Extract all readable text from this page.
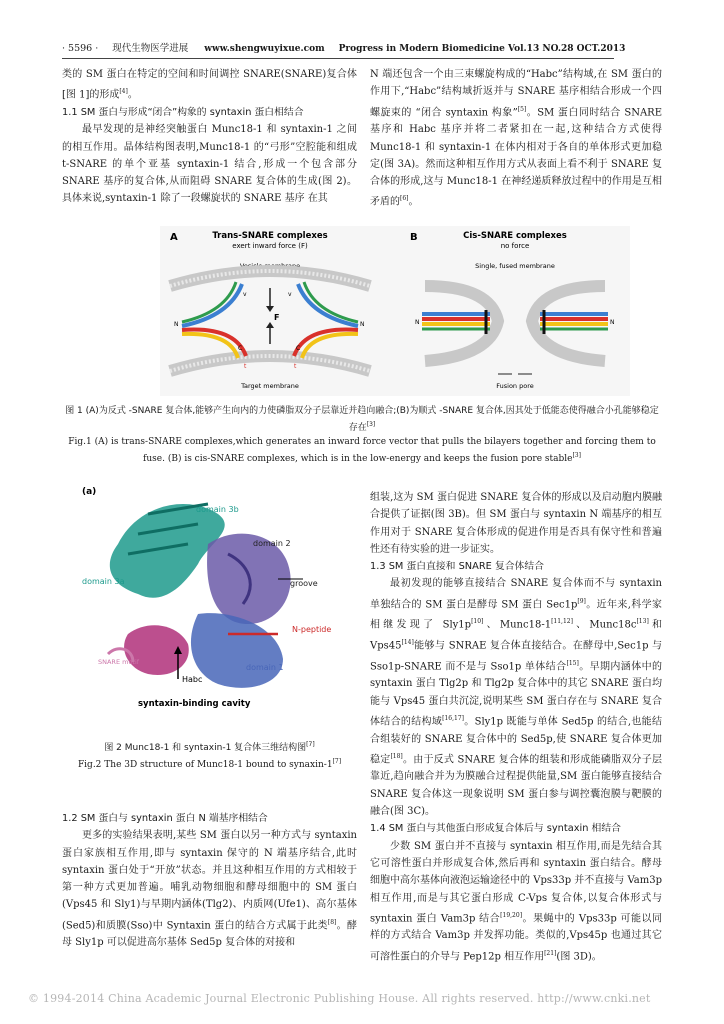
· 5596 · 现代生物医学进展 www.shengwuyixue.com Progress in Modern Biomedicine Vol.13 NO.28 OCT.2013

类的 SM 蛋白在特定的空间和时间调控 SNARE(SNARE)复合体[图 1]的形成[4]。

1.1 SM 蛋白与形成“闭合”构象的 syntaxin 蛋白相结合

最早发现的是神经突触蛋白 Munc18-1 和 syntaxin-1 之间的相互作用。晶体结构图表明,Munc18-1 的“弓形”空腔能和组成 t-SNARE 的单个亚基 syntaxin-1 结合,形成一个包含部分 SNARE 基序的复合体,从而阻碍 SNARE 复合体的生成(图 2)。具体来说,syntaxin-1 除了一段螺旋状的 SNARE 基序 在其

N 端还包含一个由三束螺旋构成的“Habc”结构域,在 SM 蛋白的作用下,“Habc”结构域折返并与 SNARE 基序相结合形成一个四螺旋束的 “闭合 syntaxin 构象”[5]。SM 蛋白同时结合 SNARE 基序和 Habc 基序并将二者紧扣在一起,这种结合方式使得 Munc18-1 和 syntaxin-1 在体内相对于各自的单体形式更加稳定(图 3A)。然而这种相互作用方式从表面上看不利于 SNARE 复合体的形成,这与 Munc18-1 在神经递质释放过程中的作用是互相矛盾的[6]。

A	Trans-SNARE complexes
exert inward force (F)
Vesicle membrane
Target membrane
N	N
v	v
C	C
F
t	t
B	Cis-SNARE complexes
no force
Single, fused membrane
N	N
Fusion pore
图 1 (A)为反式 -SNARE 复合体,能够产生向内的力使磷脂双分子层靠近并趋向融合;(B)为顺式 -SNARE 复合体,因其处于低能态使得融合小孔能够稳定存在[3]
Fig.1 (A) is trans-SNARE complexes,which generates an inward force vector that pulls the bilayers together and forcing them to fuse. (B) is cis-SNARE complexes, which is in the low-energy and keeps the fusion pore stable[3]
(a)
domain 3b
domain 2
groove
domain 3a
N-peptide
domain 1
SNARE motif
Habc
syntaxin-binding cavity
图 2 Munc18-1 和 syntaxin-1 复合体三维结构图[7]
Fig.2 The 3D structure of Munc18-1 bound to synaxin-1[7]

1.2 SM 蛋白与 syntaxin 蛋白 N 端基序相结合

更多的实验结果表明,某些 SM 蛋白以另一种方式与 syntaxin 蛋白家族相互作用,即与 syntaxin 保守的 N 端基序结合,此时 syntaxin 蛋白处于“开放”状态。并且这种相互作用的方式相较于第一种方式更加普遍。哺乳动物细胞和酵母细胞中的 SM 蛋白(Vps45 和 Sly1)与早期内涵体(Tlg2)、内质网(Ufe1)、高尔基体(Sed5)和质膜(Sso)中 Syntaxin 蛋白的结合方式属于此类[8]。酵母 Sly1p 可以促进高尔基体 Sed5p 复合体的对接和

组装,这为 SM 蛋白促进 SNARE 复合体的形成以及启动胞内膜融合提供了证据(图 3B)。但 SM 蛋白与 syntaxin N 端基序的相互作用对于 SNARE 复合体形成的促进作用是否具有保守性和普遍性还有待实验的进一步证实。

1.3 SM 蛋白直接和 SNARE 复合体结合

最初发现的能够直接结合 SNARE 复合体而不与 syntaxin 单独结合的 SM 蛋白是酵母 SM 蛋白 Sec1p[9]。近年来,科学家相继发现了 Sly1p[10]、Munc18-1[11,12]、Munc18c[13]和 Vps45[14]能够与 SNRAE 复合体直接结合。在酵母中,Sec1p 与 Sso1p-SNARE 而不是与 Sso1p 单体结合[15]。早期内涵体中的 syntaxin 蛋白 Tlg2p 和 Tlg2p 复合体中的其它 SNARE 蛋白均能与 Vps45 蛋白共沉淀,说明某些 SM 蛋白存在与 SNARE 复合体结合的结构域[16,17]。Sly1p 既能与单体 Sed5p 的结合,也能结合组装好的 SNARE 复合体中的 Sed5p,使 SNARE 复合体更加稳定[18]。由于反式 SNARE 复合体的组装和形成能磷脂双分子层靠近,趋向融合并为为膜融合过程提供能量,SM 蛋白能够直接结合 SNARE 复合体这一现象说明 SM 蛋白参与调控囊泡膜与靶膜的融合(图 3C)。

1.4 SM 蛋白与其他蛋白形成复合体后与 syntaxin 相结合

少数 SM 蛋白并不直接与 syntaxin 相互作用,而是先结合其它可溶性蛋白并形成复合体,然后再和 syntaxin 蛋白结合。酵母细胞中高尔基体向液泡运输途径中的 Vps33p 并不直接与 Vam3p 相互作用,而是与其它蛋白形成 C-Vps 复合体,以复合体形式与 syntaxin 蛋白 Vam3p 结合[19,20]。果蝇中的 Vps33p 可能以同样的方式结合 Vam3p 并发挥功能。类似的,Vps45p 也通过其它可溶性蛋白的介导与 Pep12p 相互作用[21](图 3D)。

© 1994-2014 China Academic Journal Electronic Publishing House. All rights reserved. http://www.cnki.net
